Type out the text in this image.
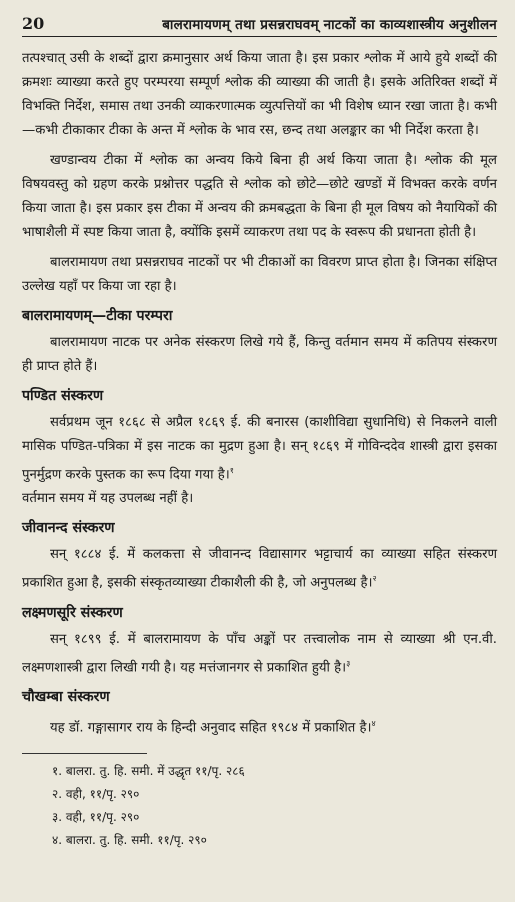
20	बालरामायणम् तथा प्रसन्नराघवम् नाटकों का काव्यशास्त्रीय अनुशीलन

तत्पश्चात् उसी के शब्दों द्वारा क्रमानुसार अर्थ किया जाता है। इस प्रकार श्लोक में आये हुये शब्दों की क्रमशः व्याख्या करते हुए परम्परया सम्पूर्ण श्लोक की व्याख्या की जाती है। इसके अतिरिक्त शब्दों में विभक्ति निर्देश, समास तथा उनकी व्याकरणात्मक व्युत्पत्तियों का भी विशेष ध्यान रखा जाता है। कभी—कभी टीकाकार टीका के अन्त में श्लोक के भाव रस, छन्द तथा अलङ्कार का भी निर्देश करता है।

खण्डान्वय टीका में श्लोक का अन्वय किये बिना ही अर्थ किया जाता है। श्लोक की मूल विषयवस्तु को ग्रहण करके प्रश्नोत्तर पद्धति से श्लोक को छोटे—छोटे खण्डों में विभक्त करके वर्णन किया जाता है। इस प्रकार इस टीका में अन्वय की क्रमबद्धता के बिना ही मूल विषय को नैयायिकों की भाषाशैली में स्पष्ट किया जाता है, क्योंकि इसमें व्याकरण तथा पद के स्वरूप की प्रधानता होती है।

बालरामायण तथा प्रसन्नराघव नाटकों पर भी टीकाओं का विवरण प्राप्त होता है। जिनका संक्षिप्त उल्लेख यहाँ पर किया जा रहा है।

बालरामायणम्—टीका परम्परा

बालरामायण नाटक पर अनेक संस्करण लिखे गये हैं, किन्तु वर्तमान समय में कतिपय संस्करण ही प्राप्त होते हैं।

पण्डित संस्करण

सर्वप्रथम जून १८६८ से अप्रैल १८६९ ई. की बनारस (काशीविद्या सुधानिधि) से निकलने वाली मासिक पण्डित-पत्रिका में इस नाटक का मुद्रण हुआ है। सन् १८६९ में गोविन्ददेव शास्त्री द्वारा इसका पुनर्मुद्रण करके पुस्तक का रूप दिया गया है।$^१$

वर्तमान समय में यह उपलब्ध नहीं है।

जीवानन्द संस्करण

सन् १८८४ ई. में कलकत्ता से जीवानन्द विद्यासागर भट्टाचार्य का व्याख्या सहित संस्करण प्रकाशित हुआ है, इसकी संस्कृतव्याख्या टीकाशैली की है, जो अनुपलब्ध है।$^२$

लक्ष्मणसूरि संस्करण

सन् १८९९ ई. में बालरामायण के पाँच अङ्कों पर तत्त्वालोक नाम से व्याख्या श्री एन.वी. लक्ष्मणशास्त्री द्वारा लिखी गयी है। यह मत्तंजानगर से प्रकाशित हुयी है।$^३$

चौखम्बा संस्करण

यह डॉ. गङ्गासागर राय के हिन्दी अनुवाद सहित १९८४ में प्रकाशित है।$^४$

१. बालरा. तु. हि. समी. में उद्धृत ११/पृ. २८६
२. वही, ११/पृ. २९०
३. वही, ११/पृ. २९०
४. बालरा. तु. हि. समी. ११/पृ. २९०
